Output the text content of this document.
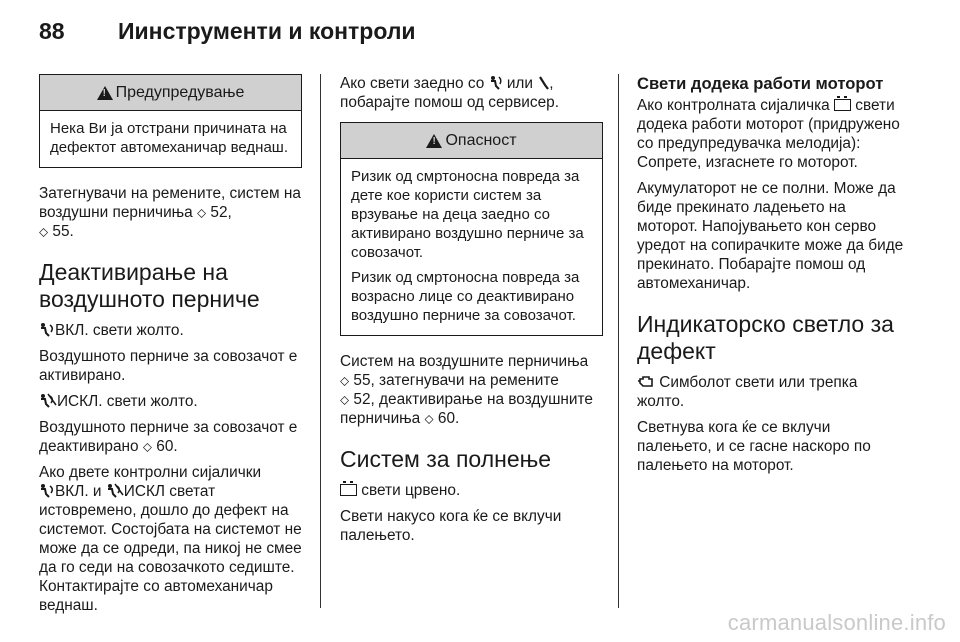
88 Иинструменти и контроли
!
Предупредување

Нека Ви ја отстрани причината на дефектот автомеханичар веднаш.

Затегнувачи на ремените, систем на воздушни перничиња ⬦ 52,
⬦ 55.

Деактивирање на воздушното перниче

ВКЛ. свети жолто.

Воздушното перниче за совозачот е активирано.

ИСКЛ. свети жолто.

Воздушното перниче за совозачот е деактивирано ⬦ 60.

Ако двете контролни сијалички
ВКЛ. и ИСКЛ светат истовремено, дошло до дефект на системот. Состојбата на системот не може да се одреди, па никој не смее да го седи на совозачкото седиште. Контактирајте со автомеханичар веднаш.

Ако свети заедно со  или ,
побарајте помош од сервисер.

!
Опасност

Ризик од смртоносна повреда за дете кое користи систем за врзување на деца заедно со активирано воздушно перниче за совозачот.

Ризик од смртоносна повреда за возрасно лице со деактивирано воздушно перниче за совозачот.

Систем на воздушните перничиња
⬦ 55, затегнувачи на ремените
⬦ 52, деактивирање на воздушните перничиња ⬦ 60.

Систем за полнење

свети црвено.

Свети накусо кога ќе се вклучи палењето.

Свети додека работи моторот

Ако контролната сијаличка  свети додека работи моторот (придружено со предупредувачка мелодија): Сопрете, изгаснете го моторот.

Акумулаторот не се полни. Може да биде прекинато ладењето на моторот. Напојувањето кон серво уредот на сопирачките може да биде прекинато. Побарајте помош од автомеханичар.

Индикаторско светло за дефект

Симболот свети или трепка жолто.

Светнува кога ќе се вклучи палењето, и се гасне наскоро по палењето на моторот.

carmanualsonline.info
